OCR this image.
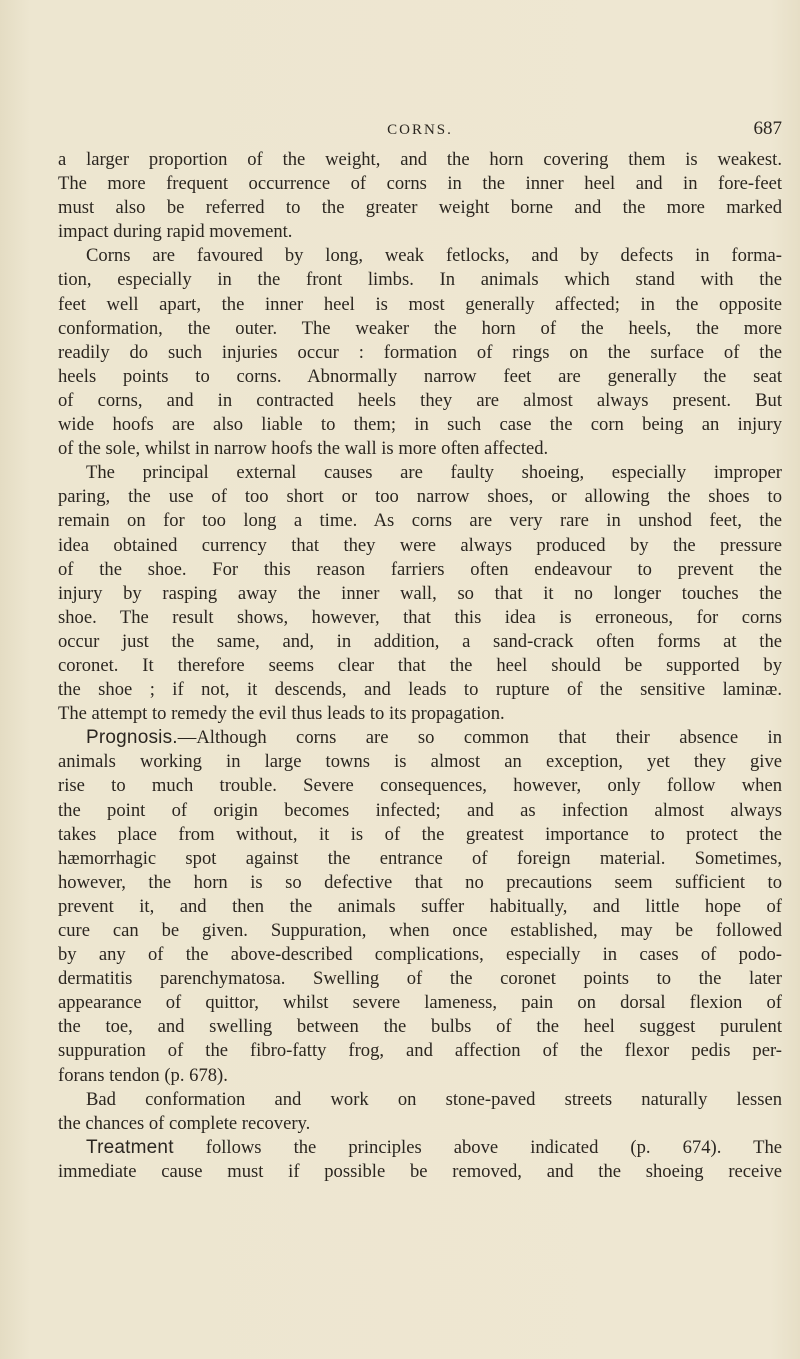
CORNS.	687
a larger proportion of the weight, and the horn covering them is weakest.
The more frequent occurrence of corns in the inner heel and in fore-feet
must also be referred to the greater weight borne and the more marked
impact during rapid movement.
Corns are favoured by long, weak fetlocks, and by defects in forma-
tion, especially in the front limbs. In animals which stand with the
feet well apart, the inner heel is most generally affected; in the opposite
conformation, the outer. The weaker the horn of the heels, the more
readily do such injuries occur : formation of rings on the surface of the
heels points to corns. Abnormally narrow feet are generally the seat
of corns, and in contracted heels they are almost always present. But
wide hoofs are also liable to them; in such case the corn being an injury
of the sole, whilst in narrow hoofs the wall is more often affected.
The principal external causes are faulty shoeing, especially improper
paring, the use of too short or too narrow shoes, or allowing the shoes to
remain on for too long a time. As corns are very rare in unshod feet, the
idea obtained currency that they were always produced by the pressure
of the shoe. For this reason farriers often endeavour to prevent the
injury by rasping away the inner wall, so that it no longer touches the
shoe. The result shows, however, that this idea is erroneous, for corns
occur just the same, and, in addition, a sand-crack often forms at the
coronet. It therefore seems clear that the heel should be supported by
the shoe ; if not, it descends, and leads to rupture of the sensitive laminæ.
The attempt to remedy the evil thus leads to its propagation.
Prognosis.—Although corns are so common that their absence in
animals working in large towns is almost an exception, yet they give
rise to much trouble. Severe consequences, however, only follow when
the point of origin becomes infected; and as infection almost always
takes place from without, it is of the greatest importance to protect the
hæmorrhagic spot against the entrance of foreign material. Sometimes,
however, the horn is so defective that no precautions seem sufficient to
prevent it, and then the animals suffer habitually, and little hope of
cure can be given. Suppuration, when once established, may be followed
by any of the above-described complications, especially in cases of podo-
dermatitis parenchymatosa. Swelling of the coronet points to the later
appearance of quittor, whilst severe lameness, pain on dorsal flexion of
the toe, and swelling between the bulbs of the heel suggest purulent
suppuration of the fibro-fatty frog, and affection of the flexor pedis per-
forans tendon (p. 678).
Bad conformation and work on stone-paved streets naturally lessen
the chances of complete recovery.
Treatment follows the principles above indicated (p. 674). The
immediate cause must if possible be removed, and the shoeing receive
